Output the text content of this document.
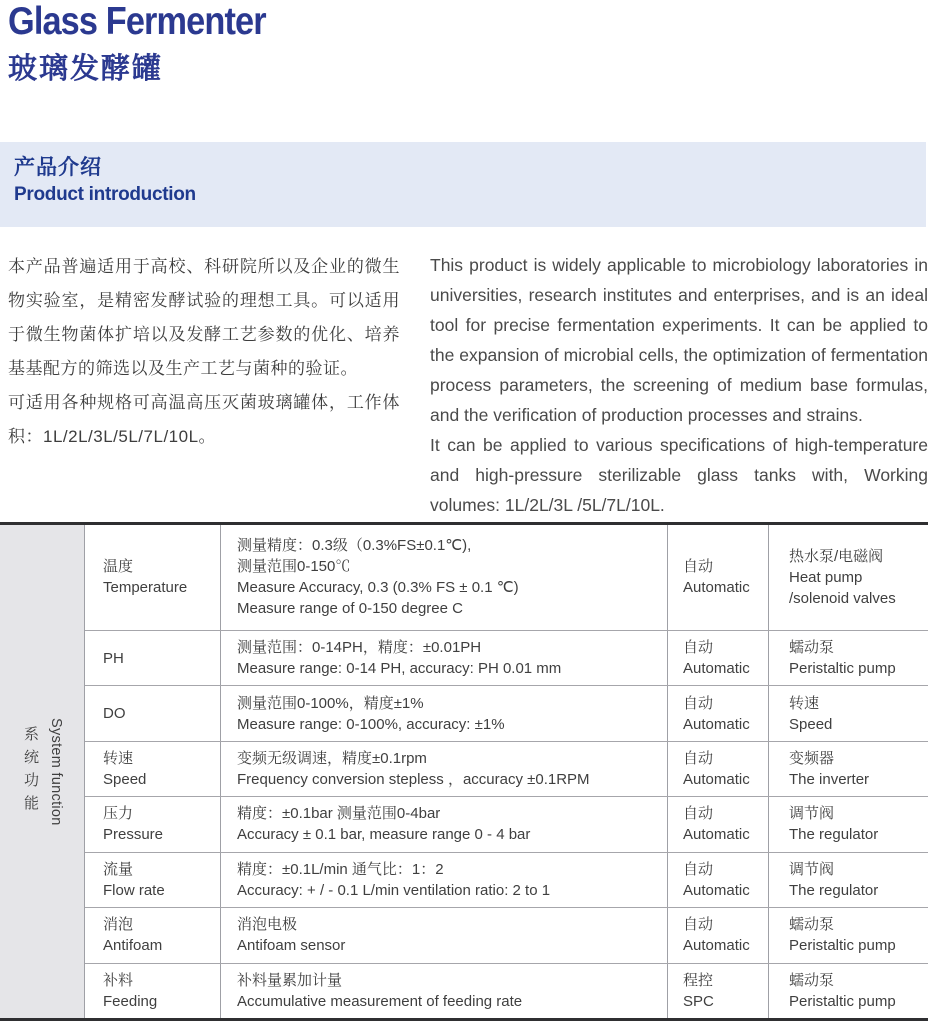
Glass Fermenter
玻璃发酵罐
产品介绍
Product introduction

本产品普遍适用于高校、科研院所以及企业的微生物实验室，是精密发酵试验的理想工具。可以适用于微生物菌体扩培以及发酵工艺参数的优化、培养基基配方的筛选以及生产工艺与菌种的验证。

可适用各种规格可高温高压灭菌玻璃罐体，工作体积：1L/2L/3L/5L/7L/10L。

This product is widely applicable to microbiology laboratories in universities, research institutes and enterprises, and is an ideal tool for precise fermentation experiments. It can be applied to the expansion of microbial cells, the optimization of fermentation process parameters, the screening of medium base formulas, and the verification of production processes and strains.

It can be applied to various specifications of high-temperature and high-pressure sterilizable glass tanks with, Working volumes: 1L/2L/3L /5L/7L/10L.

系统功能 System function
温度
Temperature
测量精度：0.3级（0.3%FS±0.1℃),
测量范围0-150℃
Measure Accuracy, 0.3 (0.3% FS ± 0.1 ℃)
Measure range of 0-150 degree C
自动
Automatic
热水泵/电磁阀
Heat pump
/solenoid valves
PH
测量范围：0-14PH，精度：±0.01PH
Measure range: 0-14 PH, accuracy: PH 0.01 mm
自动
Automatic
蠕动泵
Peristaltic pump
DO
测量范围0-100%，精度±1%
Measure range: 0-100%, accuracy: ±1%
自动
Automatic
转速
Speed
转速
Speed
变频无级调速，精度±0.1rpm
Frequency conversion stepless ，accuracy ±0.1RPM
自动
Automatic
变频器
The inverter
压力
Pressure
精度：±0.1bar 测量范围0-4bar
Accuracy ± 0.1 bar, measure range 0 - 4 bar
自动
Automatic
调节阀
The regulator
流量
Flow rate
精度：±0.1L/min 通气比：1：2
Accuracy: + / - 0.1 L/min ventilation ratio: 2 to 1
自动
Automatic
调节阀
The regulator
消泡
Antifoam
消泡电极
Antifoam sensor
自动
Automatic
蠕动泵
Peristaltic pump
补料
Feeding
补料量累加计量
Accumulative measurement of feeding rate
程控
SPC
蠕动泵
Peristaltic pump
